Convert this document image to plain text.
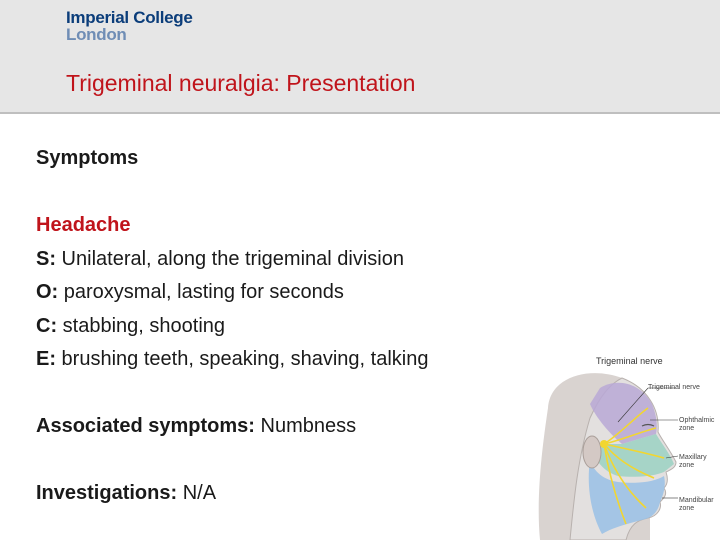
Imperial College
London
Trigeminal neuralgia: Presentation
Symptoms
Headache
S: Unilateral, along the trigeminal division
O: paroxysmal, lasting for seconds
C: stabbing, shooting
E: brushing teeth, speaking, shaving, talking
Associated symptoms: Numbness
Investigations: N/A
Trigeminal nerve
Trigeminal nerve
Ophthalmic zone
Maxillary zone
Mandibular zone
